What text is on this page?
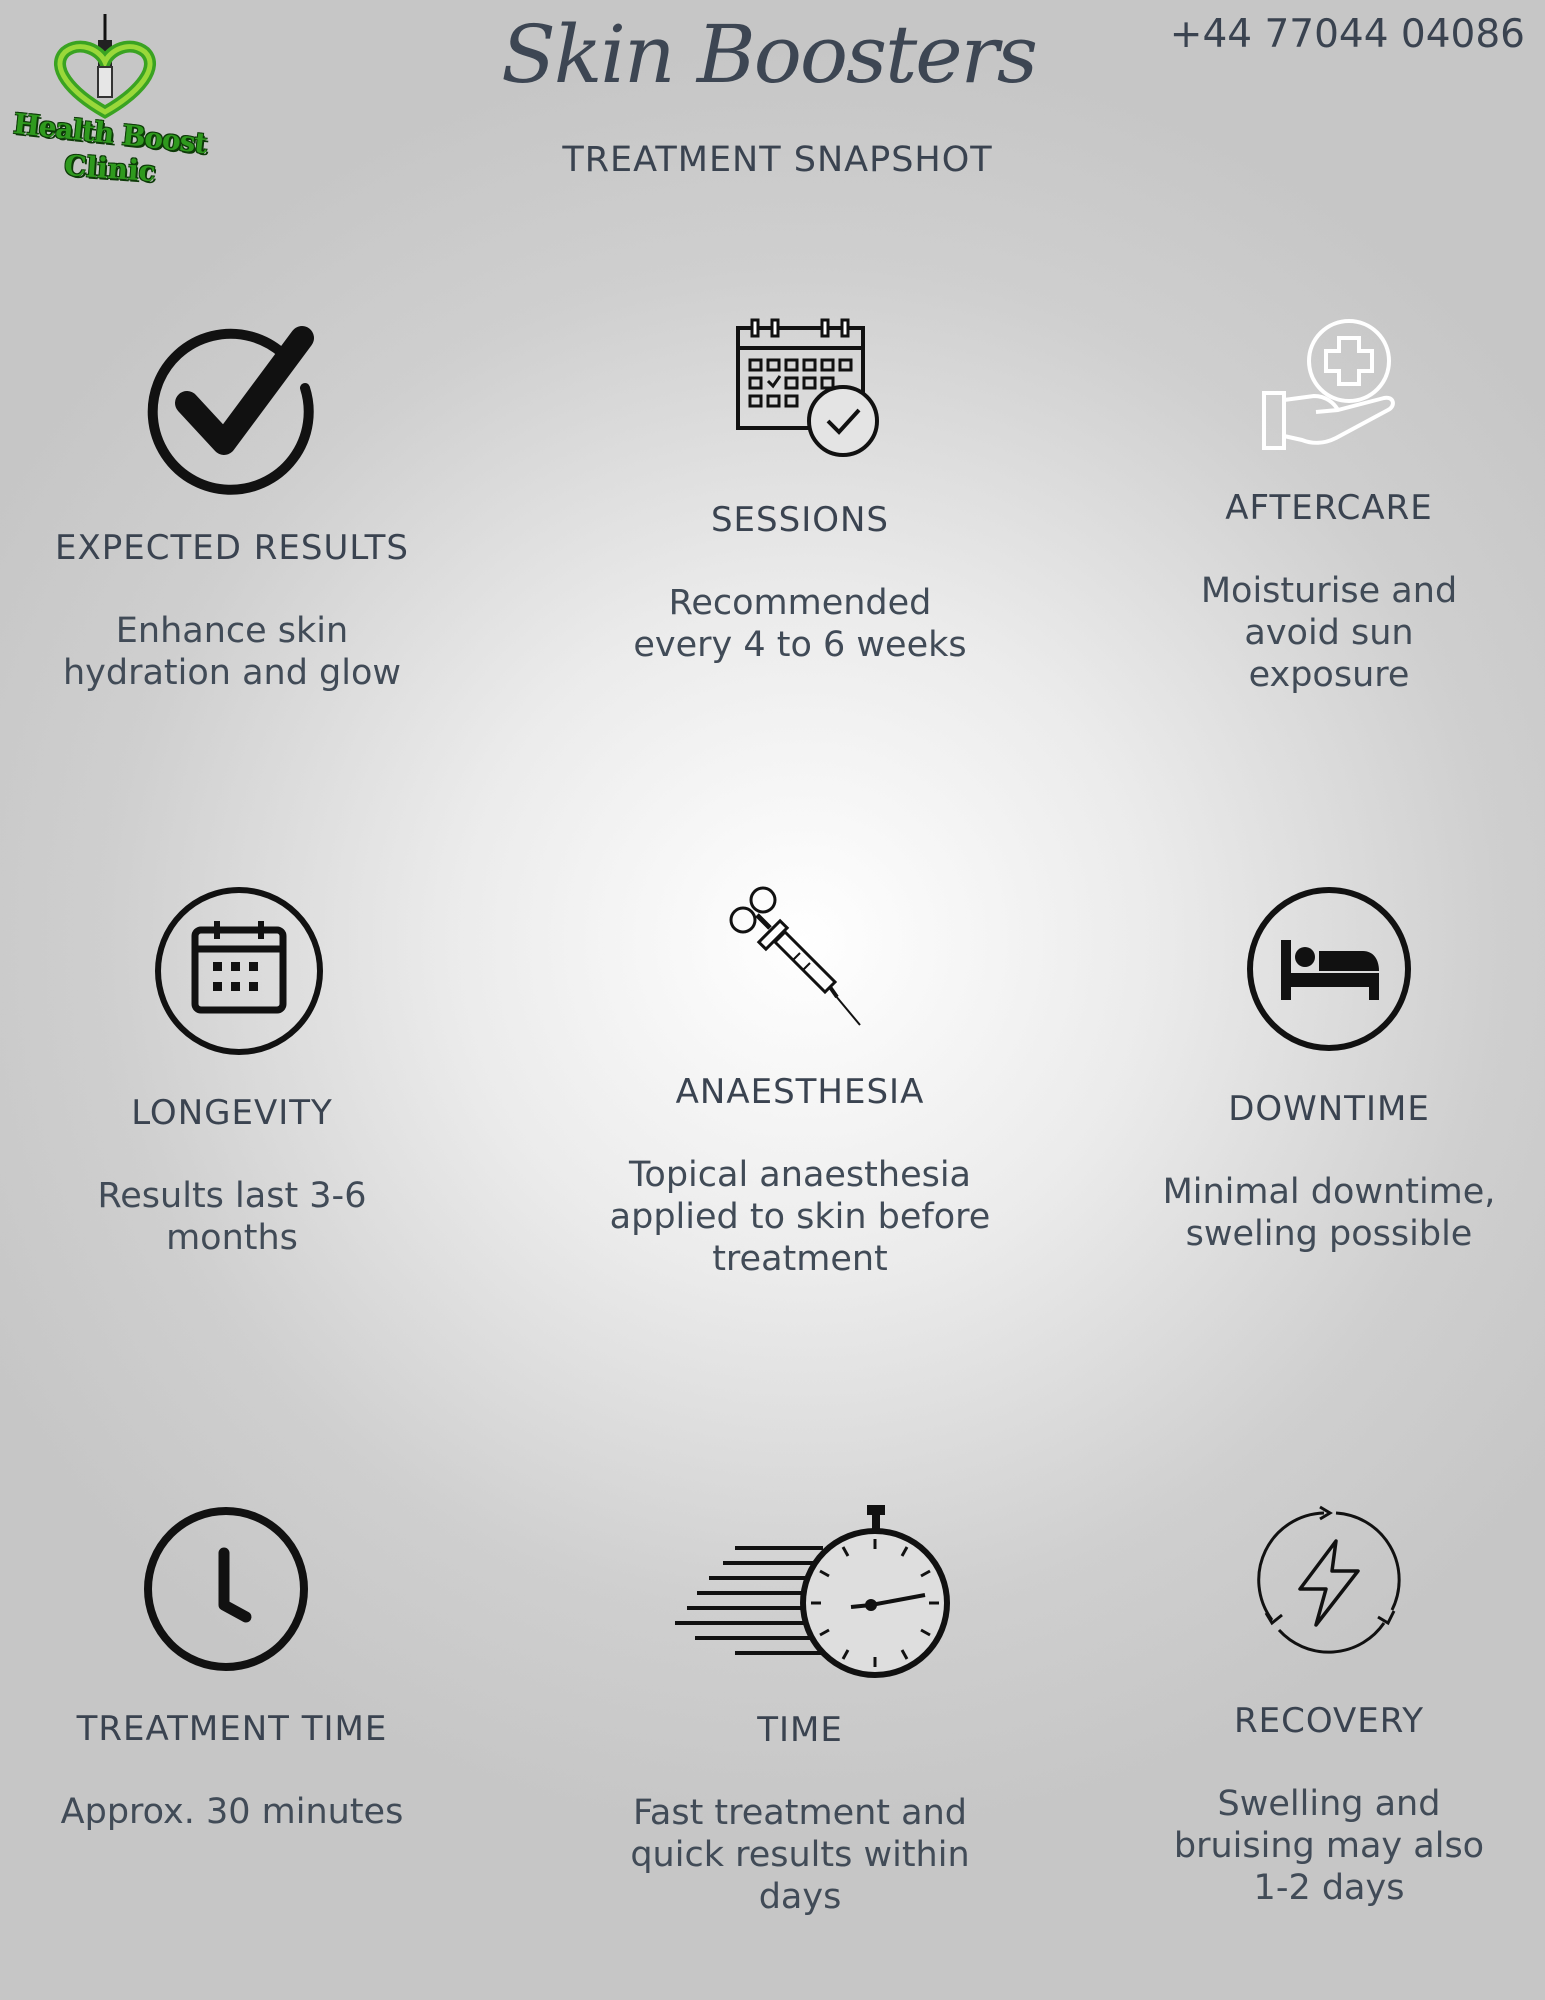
Health Boost
Clinic
Skin Boosters
TREATMENT SNAPSHOT
+44 77044 04086
EXPECTED RESULTS
Enhance skin
hydration and glow
SESSIONS
Recommended
every 4 to 6 weeks
AFTERCARE
Moisturise and
avoid sun
exposure
LONGEVITY
Results last 3-6
months
ANAESTHESIA
Topical anaesthesia
applied to skin before
treatment
DOWNTIME
Minimal downtime,
sweling possible
TREATMENT TIME
Approx. 30 minutes
TIME
Fast treatment and
quick results within
days
RECOVERY
Swelling and
bruising may also
1-2 days
